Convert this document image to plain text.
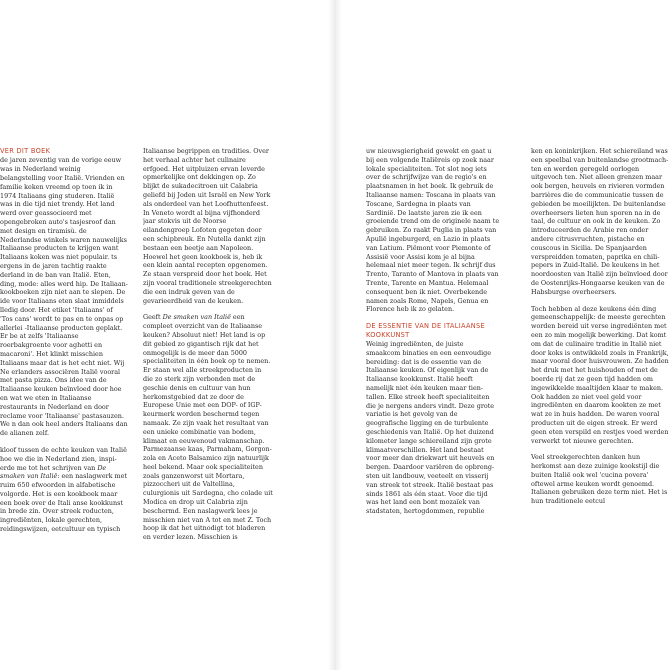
VER DIT BOEK

de jaren zeventig van de vorige eeuw was in Nederland weinig belangstelling voor Italië. Vrienden en familie keken vreemd op toen ik in 1974 Italiaans ging studeren. Italië was in die tijd niet trendy. Het land werd over geassocieerd met opengebroken auto's tasjesroof dan met design en tiramisù. de Nederlandse winkels waren nauwelijks Italiaanse producten te krijgen want Italiaans koken was niet populair. ts ergens in de jaren tachtig raakte derland in de ban van Italië. Eten, ding, mode: alles werd hip. De Italiaan kookboeken zijn niet aan te slepen. De ide voor Italiaans eten slaat inmiddels lledig door. Het etiket 'Italiaans' of 'Tos cans' wordt te pas en te onpas op allerlei -Italiaanse producten geplakt. Er be at zelfs 'Italiaanse roerbakgroente voor aghetti en macaroni'. Het klinkt misschien Italiaans maar dat is het echt niet. Wij Ne erlanders associëren Italië vooral met pasta pizza. Ons idee van de Italiaanse keuken beïnvloed door hoe en wat we eten in Italiaanse restaurants in Nederland en door reclame voor 'Italiaanse' pastasauzen. We n dan ook heel anders Italiaans dan de alianen zelf.

kloof tussen de echte keuken van Italië hoe we die in Nederland zien, inspi erde me tot het schrijven van De smaken van Italië: een naslagwerk met ruim 650 efwoorden in alfabetische volgorde. Het is een kookboek maar een boek over de Itali anse kookkunst in brede zin. Over streek roducten, ingrediënten, lokale gerechten, reidingswijzen, eetcultuur en typisch

Italiaanse begrippen en tradities. Over het verhaal achter het culinaire erfgoed. Het uitpluizen ervan leverde opmerkelijke ont dekkingen op. Zo blijkt de sukadecitroen uit Calabria geliefd bij Joden uit Israël en New York als onderdeel van het Loofhuttenfeest. In Veneto wordt al bijna vijfhonderd jaar stokvis uit de Noorse eilandengroep Lofoten gegeten door een schipbreuk. En Nutella dankt zijn bestaan een beetje aan Napoleon. Hoewel het geen kookboek is, heb ik een klein aantal recepten opgenomen. Ze staan verspreid door het boek. Het zijn vooral traditionele streekgerechten die een indruk geven van de gevarieerdheid van de keuken.

Geeft De smaken van Italië een compleet overzicht van de Italiaanse keuken? Absoluut niet! Het land is op dit gebied zo gigantisch rijk dat het onmogelijk is de meer dan 5000 specialiteiten in één boek op te nemen. Er staan wel alle streekproducten in die zo sterk zijn verbonden met de geschie denis en cultuur van hun herkomstgebied dat ze door de Europese Unie met een DOP- of IGP-keurmerk worden beschermd tegen namaak. Ze zijn vaak het resultaat van een unieke combinatie van bodem, klimaat en eeuwenoud vakmanschap. Parmezaanse kaas, Parmaham, Gorgon zola en Aceto Balsamico zijn natuurlijk heel bekend. Maar ook specialiteiten zoals ganzenworst uit Mortara, pizzoccheri uit de Valtellina, culurgionis uit Sardegna, cho colade uit Modica en drop uit Calabria zijn beschermd. Een naslagwerk lees je misschien niet van A tot en met Z. Toch hoop ik dat het uitnodigt tot bladeren en verder lezen. Misschien is

uw nieuwsgierigheid gewekt en gaat u bij een volgende Italiëreis op zoek naar lokale specialiteiten. Tot slot nog iets over de schrijfwijze van de regio's en plaatsnamen in het boek. Ik gebruik de Italiaanse namen: Toscana in plaats van Toscane, Sardegna in plaats van Sardinië. De laatste jaren zie ik een groeiende trend om de originele naam te gebruiken. Zo raakt Puglia in plaats van Apulië ingeburgerd, en Lazio in plaats van Latium. Piëmont voor Piemonte of Assisië voor Assisi kom je al bijna helemaal niet meer tegen. Ik schrijf dus Trento, Taranto of Mantova in plaats van Trente, Tarente en Mantua. Helemaal consequent ben ik niet. Overbekende namen zoals Rome, Napels, Genua en Florence heb ik zo gelaten.

DE ESSENTIE VAN DE ITALIAANSE KOOKKUNST

Weinig ingrediënten, de juiste smaakcom binaties en een eenvoudige bereiding: dat is de essentie van de Italiaanse keuken. Of eigenlijk van de Italiaanse kookkunst. Italië heeft namelijk niet één keuken maar tien tallen. Elke streek heeft specialiteiten die je nergens anders vindt. Deze grote variatie is het gevolg van de geografische ligging en de turbulente geschiedenis van Italië. Op het duizend kilometer lange schiereiland zijn grote klimaatverschillen. Het land bestaat voor meer dan driekwart uit heuvels en bergen. Daardoor variëren de opbreng sten uit landbouw, veeteelt en visserij van streek tot streek. Italië bestaat pas sinds 1861 als één staat. Voor die tijd was het land een bont mozaïek van stadstaten, hertogdommen, republie

ken en koninkrijken. Het schiereiland was een speelbal van buitenlandse grootmach ten en werden geregeld oorlogen uitgevoch ten. Niet alleen grenzen maar ook bergen, heuvels en rivieren vormden barrières die de communicatie tussen de gebieden be moeilijkten. De buitenlandse overheersers lieten hun sporen na in de taal, de cultuur en ook in de keuken. Zo introduceerden de Arabie ren onder andere citrusvruchten, pistache en couscous in Sicilia. De Spanjaarden verspreidden tomaten, paprika en chili pepers in Zuid-Italië. De keukens in het noordoosten van Italië zijn beïnvloed door de Oostenrijks-Hongaarse keuken van de Habsburgse overheersers.

Toch hebben al deze keukens één ding gemeenschappelijk: de meeste gerechten worden bereid uit verse ingrediënten met een zo min mogelijk bewerking. Dat komt om dat de culinaire traditie in Italië niet door koks is ontwikkeld zoals in Frankrijk, maar vooral door huisvrouwen. Ze hadden het druk met het huishouden of met de boerde rij dat ze geen tijd hadden om ingewikkelde maaltijden klaar te maken. Ook hadden ze niet veel geld voor ingrediënten en daarom kookten ze met wat ze in huis hadden. De waren vooral producten uit de eigen streek. Er werd geen eten verspild en restjes voed werden verwerkt tot nieuwe gerechten.

Veel streekgerechten danken hun herkomst aan deze zuinige kookstijl die buiten Italië ook wel 'cucina povera' oftewel arme keuken wordt genoemd. Italianen gebruiken deze term niet. Het is hun traditionele eetcul
